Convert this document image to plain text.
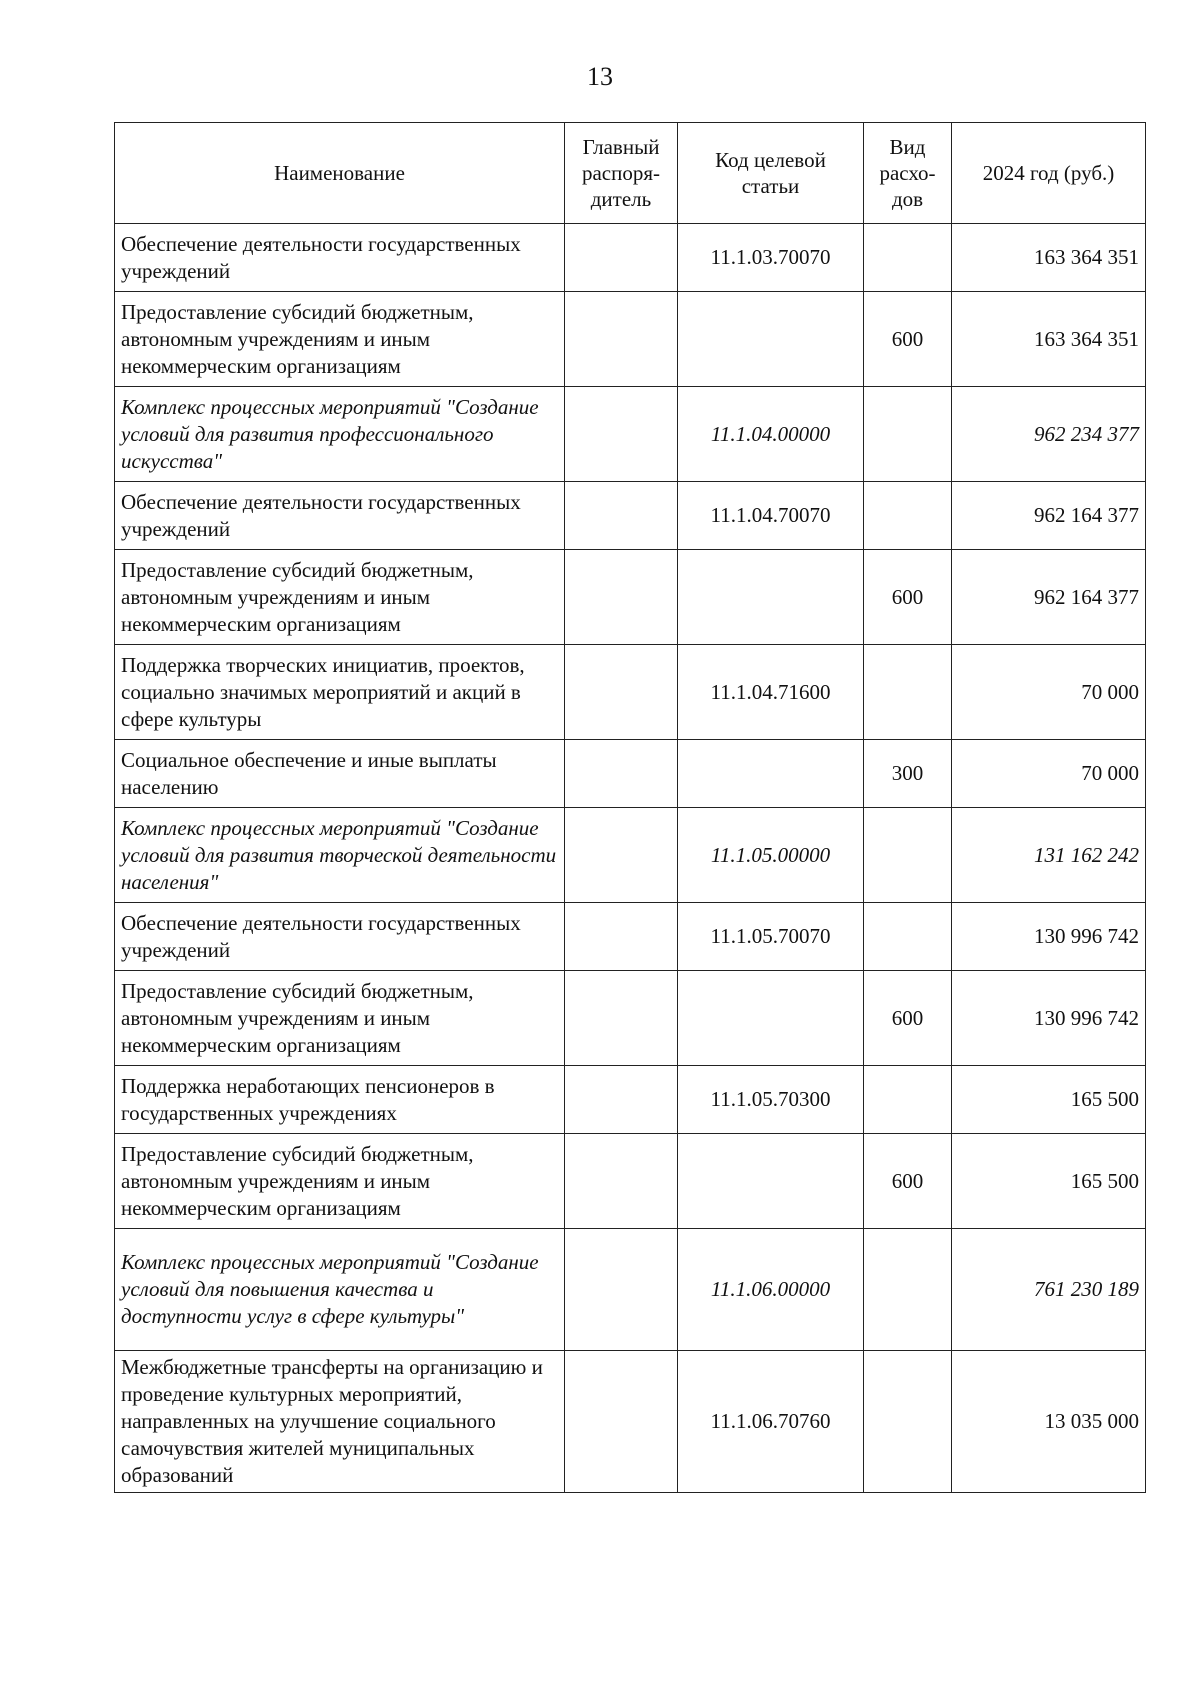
13
Наименование	Главный распоря-дитель	Код целевой статьи	Вид расхо-дов	2024 год (руб.)
Обеспечение деятельности государственных учреждений		11.1.03.70070		163 364 351
Предоставление субсидий бюджетным, автономным учреждениям и иным некоммерческим организациям			600	163 364 351
Комплекс процессных мероприятий "Создание условий для развития профессионального искусства"		11.1.04.00000		962 234 377
Обеспечение деятельности государственных учреждений		11.1.04.70070		962 164 377
Предоставление субсидий бюджетным, автономным учреждениям и иным некоммерческим организациям			600	962 164 377
Поддержка творческих инициатив, проектов, социально значимых мероприятий и акций в сфере культуры		11.1.04.71600		70 000
Социальное обеспечение и иные выплаты населению			300	70 000
Комплекс процессных мероприятий "Создание условий для развития творческой деятельности населения"		11.1.05.00000		131 162 242
Обеспечение деятельности государственных учреждений		11.1.05.70070		130 996 742
Предоставление субсидий бюджетным, автономным учреждениям и иным некоммерческим организациям			600	130 996 742
Поддержка неработающих пенсионеров в государственных учреждениях		11.1.05.70300		165 500
Предоставление субсидий бюджетным, автономным учреждениям и иным некоммерческим организациям			600	165 500
Комплекс процессных мероприятий "Создание условий для повышения качества и доступности услуг в сфере культуры"		11.1.06.00000		761 230 189
Межбюджетные трансферты на организацию и проведение культурных мероприятий, направленных на улучшение социального самочувствия жителей муниципальных образований		11.1.06.70760		13 035 000
